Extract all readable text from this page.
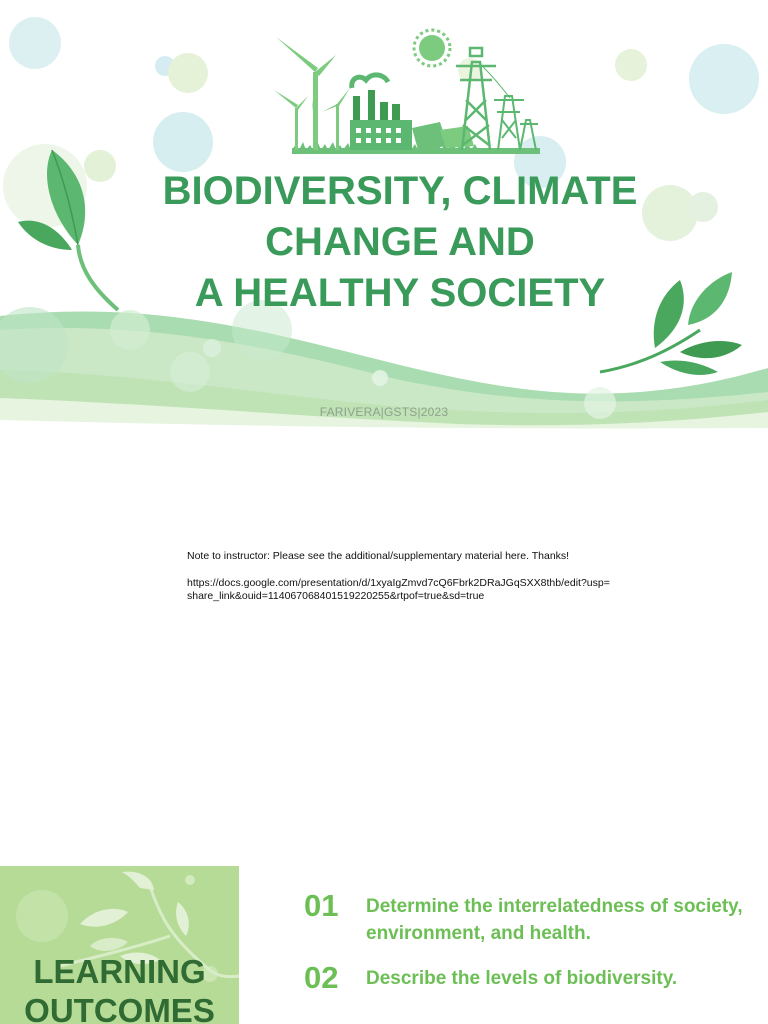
BIODIVERSITY, CLIMATE
CHANGE AND
A HEALTHY SOCIETY
FARIVERA|GSTS|2023

Note to instructor: Please see the additional/supplementary material here. Thanks!

https://docs.google.com/presentation/d/1xyaIgZmvd7cQ6Fbrk2DRaJGqSXX8thb/edit?usp=share_link&ouid=114067068401519220255&rtpof=true&sd=true

LEARNING
OUTCOMES
01 Determine the interrelatedness of society, environment, and health.
02 Describe the levels of biodiversity.
